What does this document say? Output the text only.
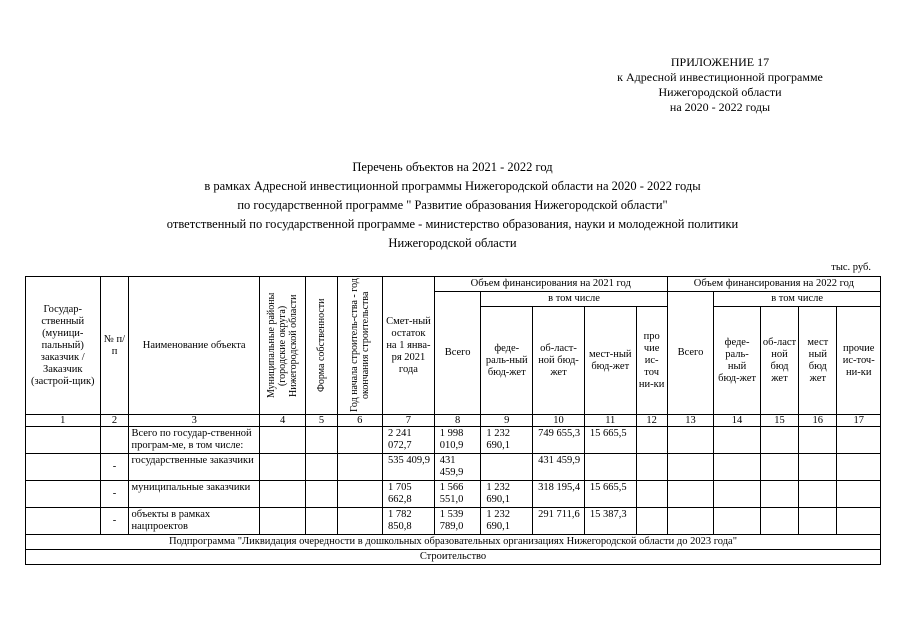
ПРИЛОЖЕНИЕ 17
к Адресной инвестиционной программе
Нижегородской области
на 2020 - 2022 годы
Перечень объектов на 2021 - 2022 год
в рамках Адресной инвестиционной программы Нижегородской области на 2020 - 2022 годы
по государственной программе " Развитие образования Нижегородской области"
ответственный по государственной программе - министерство образования, науки и молодежной политики
Нижегородской области
тыс. руб.
Государ-ственный (муници-пальный) заказчик / Заказчик (застрой-щик)	№ п/п	Наименование объекта	Муниципальные районы (городские округа) Нижегородской области	Форма собственности	Год начала строитель-ства - год окончания строительства	Смет-ный остаток на 1 янва-ря 2021 года	Объем финансирования на 2021 год					Объем финансирования на 2022 год				
							Всего	в том числе				Всего	в том числе			
								феде-раль-ный бюд-жет	об-ласт-ной бюд-жет	мест-ный бюд-жет	про чие ис-точ ни-ки		феде-раль-ный бюд-жет	об-ласт ной бюд жет	мест ный бюд жет	прочие ис-точ-ни-ки
1	2	3	4	5	6	7	8	9	10	11	12	13	14	15	16	17
		Всего по государ-ственной програм-ме, в том числе:				2 241 072,7	1 998 010,9	1 232 690,1	749 655,3	15 665,5						
	-	государственные заказчики				535 409,9	431 459,9		431 459,9							
	-	муниципальные заказчики				1 705 662,8	1 566 551,0	1 232 690,1	318 195,4	15 665,5						
	-	объекты в рамках нацпроектов				1 782 850,8	1 539 789,0	1 232 690,1	291 711,6	15 387,3						
Подпрограмма "Ликвидация очередности в дошкольных образовательных организациях Нижегородской области до 2023 года"																
Строительство																
